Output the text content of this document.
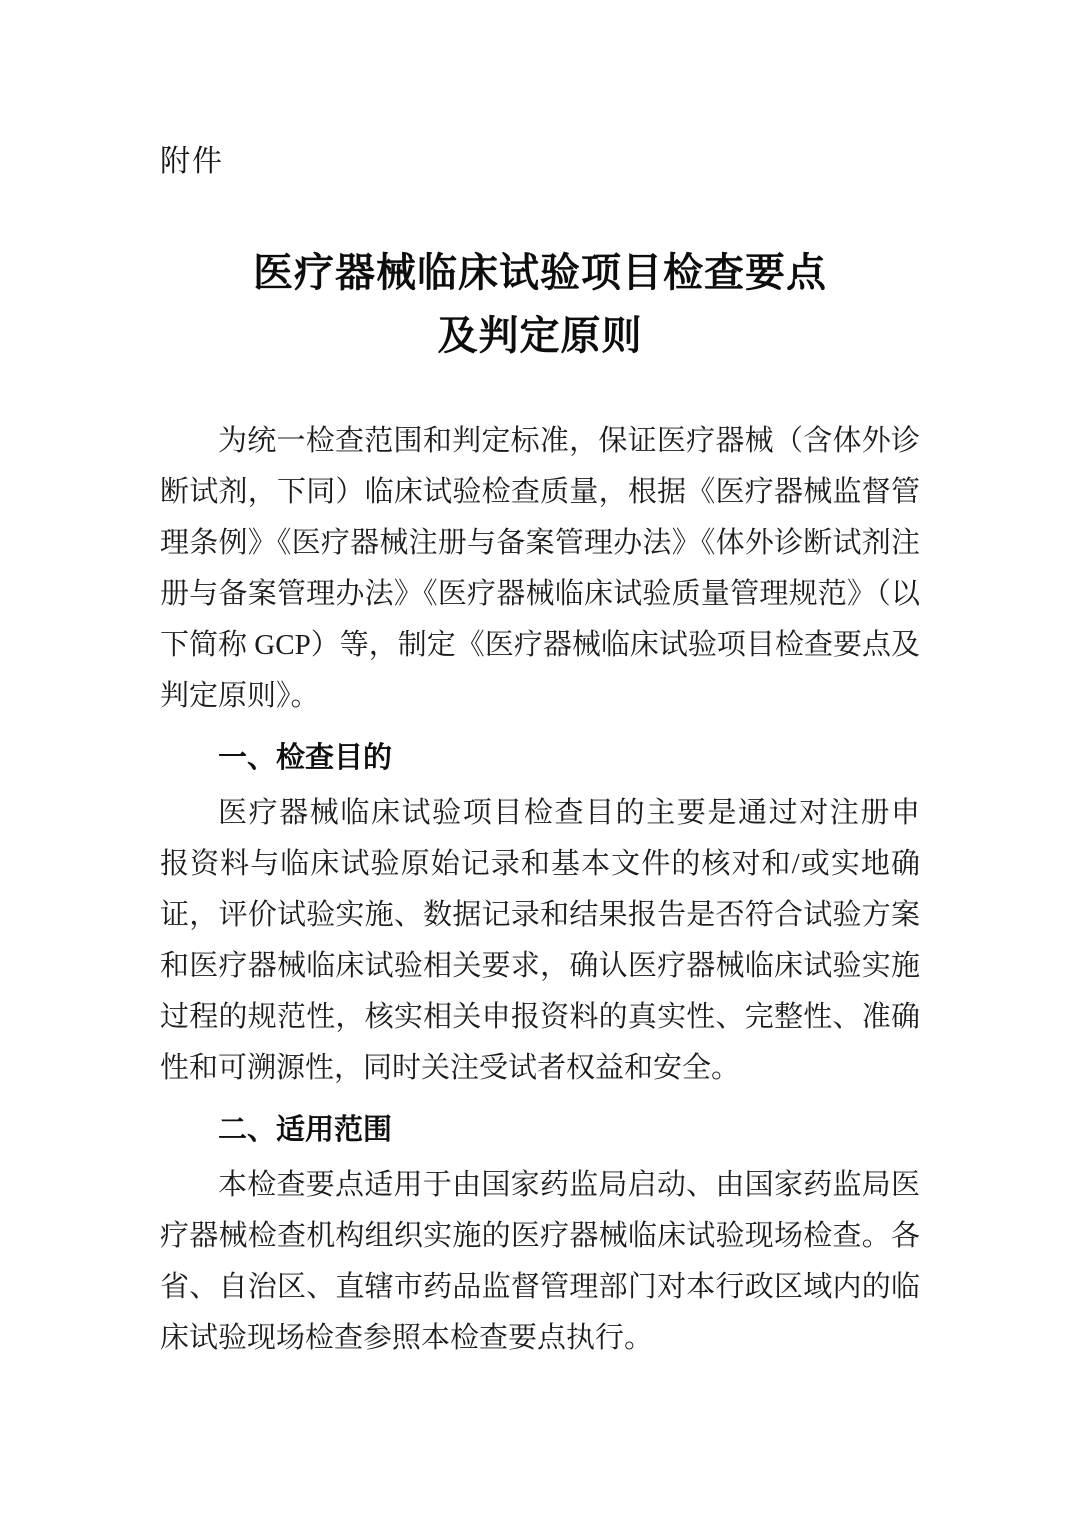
附件
医疗器械临床试验项目检查要点
及判定原则
为统一检查范围和判定标准，保证医疗器械（含体外诊
断试剂，下同）临床试验检查质量，根据《医疗器械监督管
理条例》《医疗器械注册与备案管理办法》《体外诊断试剂注
册与备案管理办法》《医疗器械临床试验质量管理规范》（以
下简称 GCP）等，制定《医疗器械临床试验项目检查要点及
判定原则》。
一、检查目的
医疗器械临床试验项目检查目的主要是通过对注册申
报资料与临床试验原始记录和基本文件的核对和/或实地确
证，评价试验实施、数据记录和结果报告是否符合试验方案
和医疗器械临床试验相关要求，确认医疗器械临床试验实施
过程的规范性，核实相关申报资料的真实性、完整性、准确
性和可溯源性，同时关注受试者权益和安全。
二、适用范围
本检查要点适用于由国家药监局启动、由国家药监局医
疗器械检查机构组织实施的医疗器械临床试验现场检查。各
省、自治区、直辖市药品监督管理部门对本行政区域内的临
床试验现场检查参照本检查要点执行。
